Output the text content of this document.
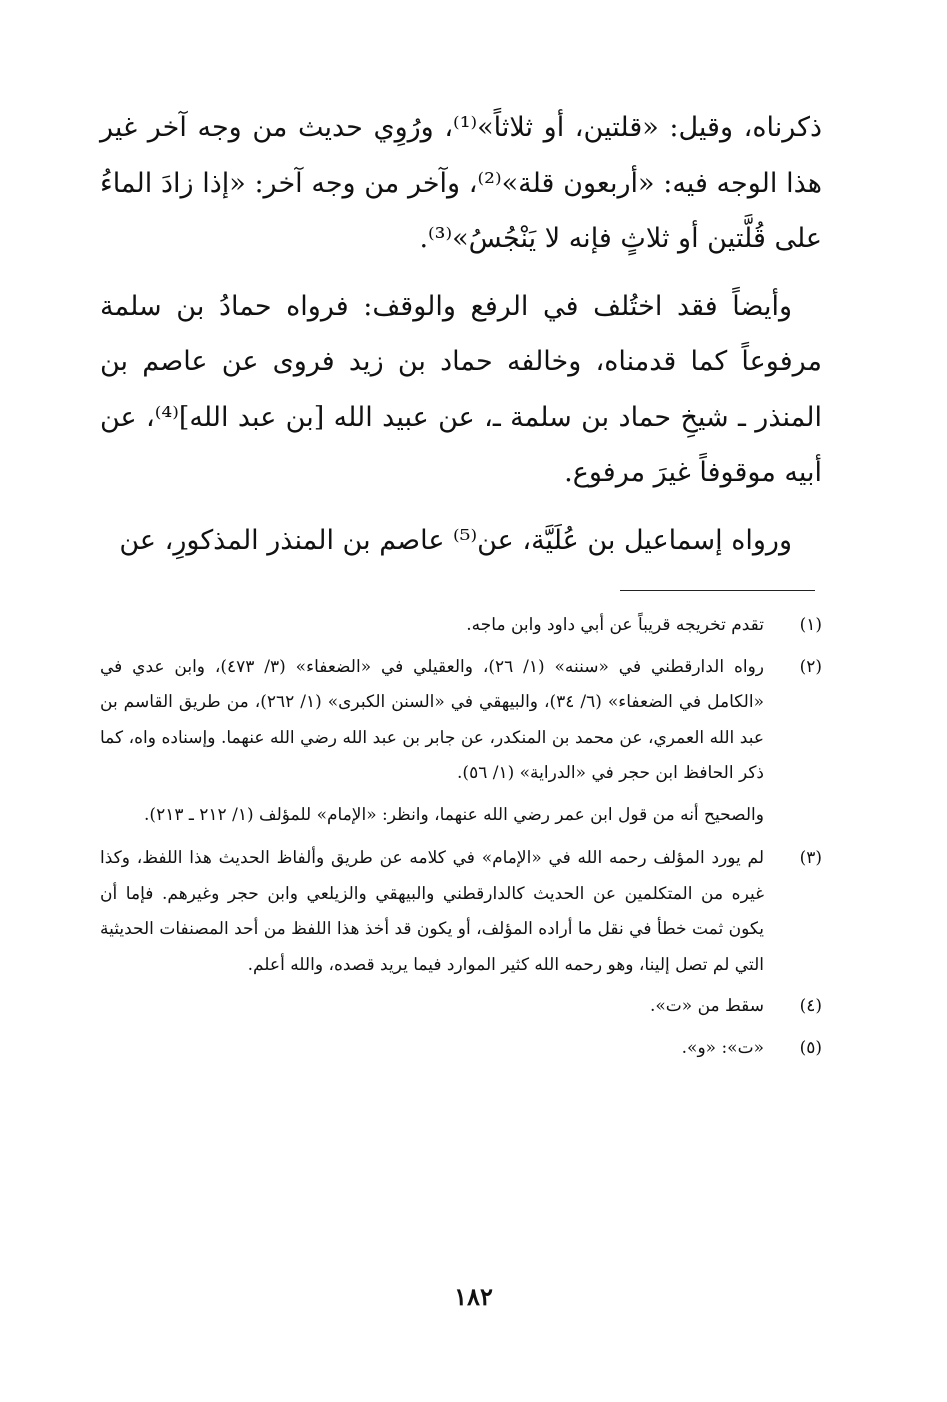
ذكرناه، وقيل: «قلتين، أو ثلاثاً»⁽¹⁾، ورُوِي حديث من وجه آخر غير هذا الوجه فيه: «أربعون قلة»⁽²⁾، وآخر من وجه آخر: «إذا زادَ الماءُ على قُلَّتين أو ثلاثٍ فإنه لا يَنْجُسُ»⁽³⁾.

وأيضاً فقد اختُلف في الرفع والوقف: فرواه حمادُ بن سلمة مرفوعاً كما قدمناه، وخالفه حماد بن زيد فروى عن عاصم بن المنذر ـ شيخِ حماد بن سلمة ـ، عن عبيد الله [بن عبد الله]⁽⁴⁾، عن أبيه موقوفاً غيرَ مرفوع.

ورواه إسماعيل بن عُلَيَّة، عن⁽⁵⁾ عاصم بن المنذر المذكورِ، عن

(١)
تقدم تخريجه قريباً عن أبي داود وابن ماجه.
(٢)
رواه الدارقطني في «سننه» (١/ ٢٦)، والعقيلي في «الضعفاء» (٣/ ٤٧٣)، وابن عدي في «الكامل في الضعفاء» (٦/ ٣٤)، والبيهقي في «السنن الكبرى» (١/ ٢٦٢)، من طريق القاسم بن عبد الله العمري، عن محمد بن المنكدر، عن جابر بن عبد الله رضي الله عنهما. وإسناده واه، كما ذكر الحافظ ابن حجر في «الدراية» (١/ ٥٦).
والصحيح أنه من قول ابن عمر رضي الله عنهما، وانظر: «الإمام» للمؤلف (١/ ٢١٢ ـ ٢١٣).
(٣)
لم يورد المؤلف رحمه الله في «الإمام» في كلامه عن طريق وألفاظ الحديث هذا اللفظ، وكذا غيره من المتكلمين عن الحديث كالدارقطني والبيهقي والزيلعي وابن حجر وغيرهم. فإما أن يكون ثمت خطأ في نقل ما أراده المؤلف، أو يكون قد أخذ هذا اللفظ من أحد المصنفات الحديثية التي لم تصل إلينا، وهو رحمه الله كثير الموارد فيما يريد قصده، والله أعلم.
(٤)
سقط من «ت».
(٥)
«ت»: «و».
١٨٢
